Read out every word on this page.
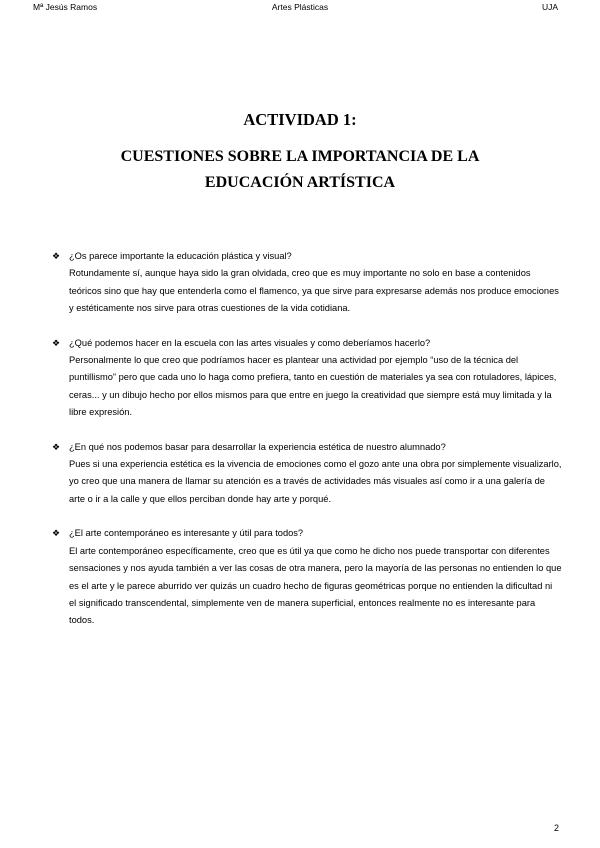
Mª Jesús Ramos	Artes Plásticas	UJA
ACTIVIDAD 1:
CUESTIONES SOBRE LA IMPORTANCIA DE LA EDUCACIÓN ARTÍSTICA
❖ ¿Os parece importante la educación plástica y visual?

Rotundamente sí, aunque haya sido la gran olvidada, creo que es muy importante no solo en base a contenidos teóricos sino que hay que entenderla como el flamenco, ya que sirve para expresarse además nos produce emociones y estéticamente nos sirve para otras cuestiones de la vida cotidiana.

❖ ¿Qué podemos hacer en la escuela con las artes visuales y como deberíamos hacerlo?

Personalmente lo que creo que podríamos hacer es plantear una actividad por ejemplo “uso de la técnica del puntillismo” pero que cada uno lo haga como prefiera, tanto en cuestión de materiales ya sea con rotuladores, lápices, ceras... y un dibujo hecho por ellos mismos para que entre en juego la creatividad que siempre está muy limitada y la libre expresión.

❖ ¿En qué nos podemos basar para desarrollar la experiencia estética de nuestro alumnado?

Pues si una experiencia estética es la vivencia de emociones como el gozo ante una obra por simplemente visualizarlo, yo creo que una manera de llamar su atención es a través de actividades más visuales así como ir a una galería de arte o ir a la calle y que ellos perciban donde hay arte y porqué.

❖ ¿El arte contemporáneo es interesante y útil para todos?

El arte contemporáneo específicamente, creo que es útil ya que como he dicho nos puede transportar con diferentes sensaciones y nos ayuda también a ver las cosas de otra manera, pero la mayoría de las personas no entienden lo que es el arte y le parece aburrido ver quizás un cuadro hecho de figuras geométricas porque no entienden la dificultad ni el significado transcendental, simplemente ven de manera superficial, entonces realmente no es interesante para todos.

2
